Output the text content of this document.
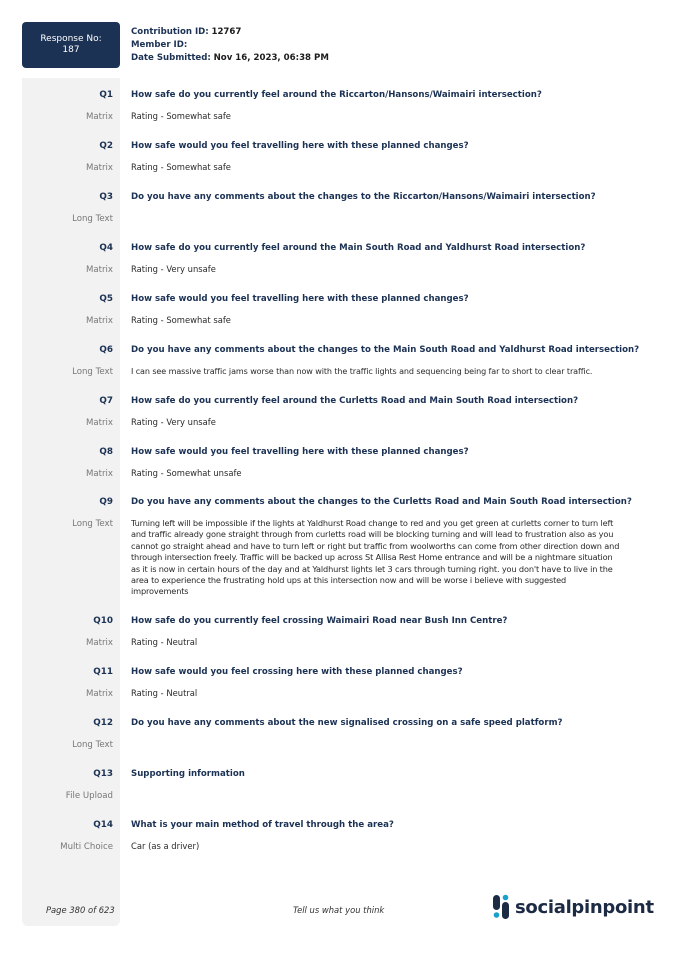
Response No:
187
Contribution ID: 12767
Member ID:
Date Submitted: Nov 16, 2023, 06:38 PM
Q1 How safe do you currently feel around the Riccarton/Hansons/Waimairi intersection?
Matrix Rating - Somewhat safe
Q2 How safe would you feel travelling here with these planned changes?
Matrix Rating - Somewhat safe
Q3 Do you have any comments about the changes to the Riccarton/Hansons/Waimairi intersection?
Long Text
Q4 How safe do you currently feel around the Main South Road and Yaldhurst Road intersection?
Matrix Rating - Very unsafe
Q5 How safe would you feel travelling here with these planned changes?
Matrix Rating - Somewhat safe
Q6 Do you have any comments about the changes to the Main South Road and Yaldhurst Road intersection?
Long Text I can see massive traffic jams worse than now with the traffic lights and sequencing being far to short to clear traffic.
Q7 How safe do you currently feel around the Curletts Road and Main South Road intersection?
Matrix Rating - Very unsafe
Q8 How safe would you feel travelling here with these planned changes?
Matrix Rating - Somewhat unsafe
Q9 Do you have any comments about the changes to the Curletts Road and Main South Road intersection?
Long Text Turning left will be impossible if the lights at Yaldhurst Road change to red and you get green at curletts corner to turn left and traffic already gone straight through from curletts road will be blocking turning and will lead to frustration also as you cannot go straight ahead and have to turn left or right but traffic from woolworths can come from other direction down and through intersection freely. Traffic will be backed up across St Allisa Rest Home entrance and will be a nightmare situation as it is now in certain hours of the day and at Yaldhurst lights let 3 cars through turning right. you don't have to live in the area to experience the frustrating hold ups at this intersection now and will be worse i believe with suggested improvements
Q10 How safe do you currently feel crossing Waimairi Road near Bush Inn Centre?
Matrix Rating - Neutral
Q11 How safe would you feel crossing here with these planned changes?
Matrix Rating - Neutral
Q12 Do you have any comments about the new signalised crossing on a safe speed platform?
Long Text
Q13 Supporting information
File Upload
Q14 What is your main method of travel through the area?
Multi Choice Car (as a driver)
Page 380 of 623	Tell us what you think	socialpinpoint
